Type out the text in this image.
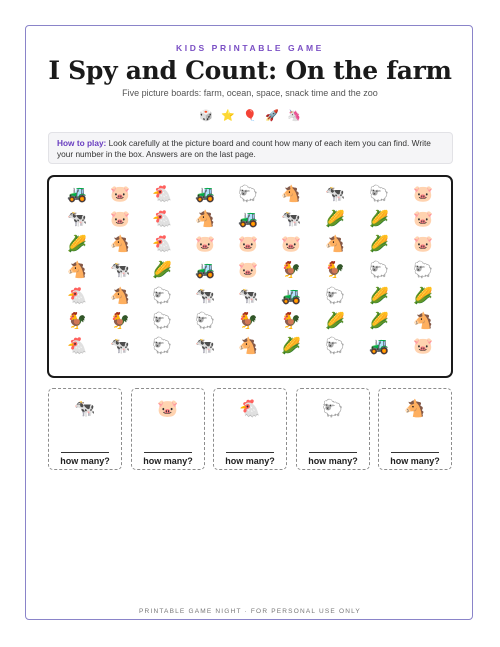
KIDS PRINTABLE GAME
I Spy and Count: On the farm
Five picture boards: farm, ocean, space, snack time and the zoo
🎲 ⭐ 🎈 🚀 🦄
How to play: Look carefully at the picture board and count how many of each item you can find. Write your number in the box. Answers are on the last page.
🚜 🐷 🐔 🚜 🐑 🐴 🐄 🐑 🐷
🐄 🐷 🐔 🐴 🚜 🐄 🌽 🌽 🐷
🌽 🐴 🐔 🐷 🐷 🐷 🐴 🌽 🐷
🐴 🐄 🌽 🚜 🐷 🐓 🐓 🐑 🐑
🐔 🐴 🐑 🐄 🐄 🚜 🐑 🌽 🌽
🐓 🐓 🐑 🐑 🐓 🐓 🌽 🌽 🐴
🐔 🐄 🐑 🐄 🐴 🌽 🐑 🚜 🐷
🐄
how many?
🐷
how many?
🐔
how many?
🐑
how many?
🐴
how many?
PRINTABLE GAME NIGHT · FOR PERSONAL USE ONLY
